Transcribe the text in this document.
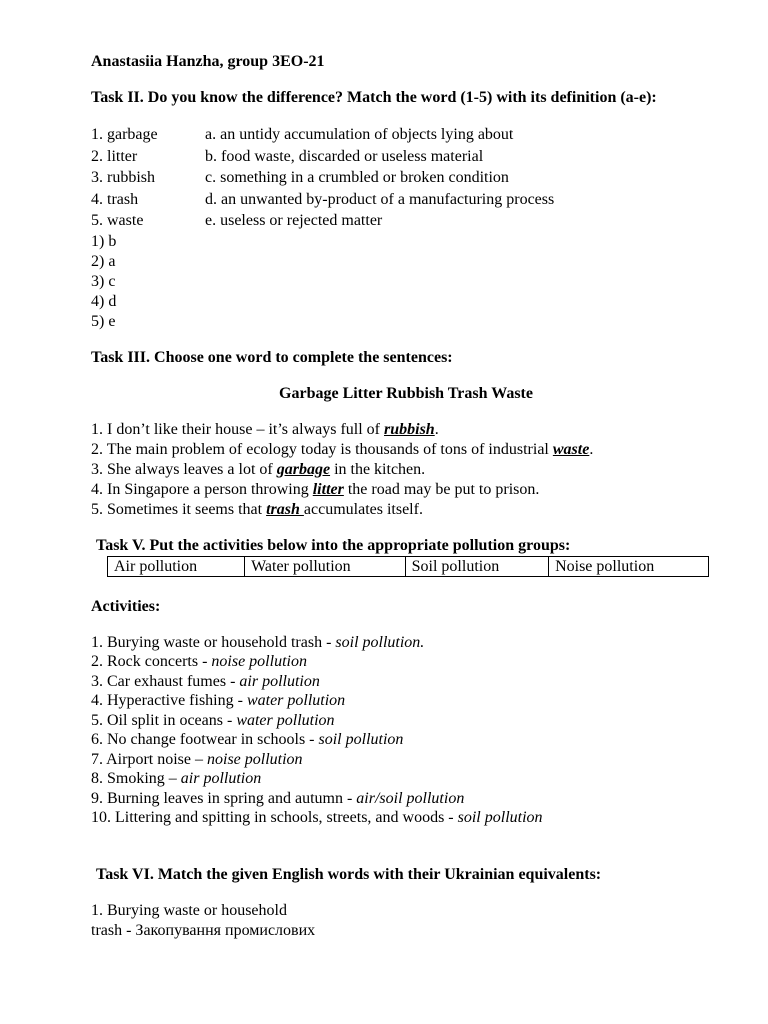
Anastasiia Hanzha, group 3EO-21
Task II. Do you know the difference? Match the word (1-5) with its definition (a-e):
1. garbage	a. an untidy accumulation of objects lying about
2. litter	b. food waste, discarded or useless material
3. rubbish	c. something in a crumbled or broken condition
4. trash	d. an unwanted by-product of a manufacturing process
5. waste	e. useless or rejected matter
1) b
2) a
3) c
4) d
5) e
Task III. Choose one word to complete the sentences:
Garbage Litter Rubbish Trash Waste
1. I don’t like their house – it’s always full of rubbish.
2. The main problem of ecology today is thousands of tons of industrial waste.
3. She always leaves a lot of garbage in the kitchen.
4. In Singapore a person throwing litter the road may be put to prison.
5. Sometimes it seems that trash accumulates itself.
Task V. Put the activities below into the appropriate pollution groups:
Air pollution	Water pollution	Soil pollution	Noise pollution
Activities:
1. Burying waste or household trash - soil pollution.
2. Rock concerts - noise pollution
3. Car exhaust fumes - air pollution
4. Hyperactive fishing - water pollution
5. Oil split in oceans - water pollution
6. No change footwear in schools - soil pollution
7. Airport noise – noise pollution
8. Smoking – air pollution
9. Burning leaves in spring and autumn - air/soil pollution
10. Littering and spitting in schools, streets, and woods - soil pollution
Task VI. Match the given English words with their Ukrainian equivalents:
1. Burying waste or household
trash - Закопування промислових
